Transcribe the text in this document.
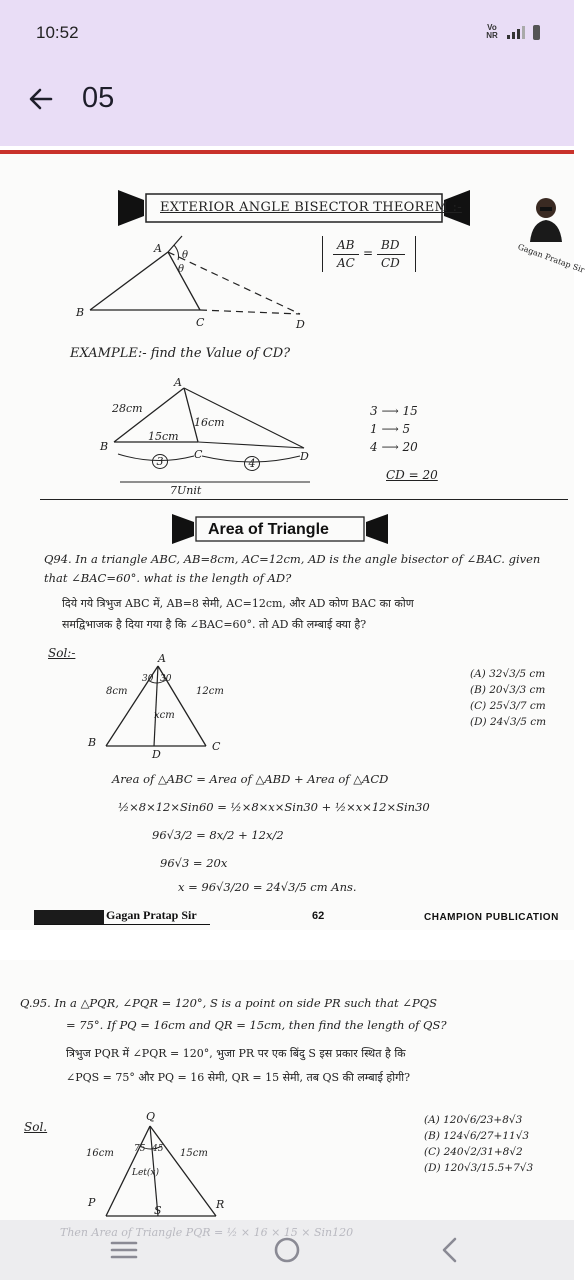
10:52	Vo NR
05
EXTERIOR ANGLE BISECTOR THEOREM :-
Gagan Pratap Sir
AB
AC
=
BD
CD
A
B
C	D
θ
θ
EXAMPLE:- find the Value of CD?
A
B
C	D
28cm
16cm
15cm
3	4
7Unit
3 ⟶ 15
1 ⟶ 5
4 ⟶ 20
CD = 20
Area of Triangle
Q94. In a triangle ABC, AB=8cm, AC=12cm, AD is the angle bisector of ∠BAC. given that ∠BAC=60°. what is the length of AD?
दिये गये त्रिभुज ABC में, AB=8 सेमी, AC=12cm, और AD कोण BAC का कोण
समद्विभाजक है दिया गया है कि ∠BAC=60°. तो AD की लम्बाई क्या है?
Sol:-	A
B	C
D
8cm	12cm
xcm
30 30	(A) 32√3/5 cm
(B) 20√3/3 cm
(C) 25√3/7 cm
(D) 24√3/5 cm
Area of △ABC = Area of △ABD + Area of △ACD
½×8×12×Sin60 = ½×8×x×Sin30 + ½×x×12×Sin30
96√3/2 = 8x/2 + 12x/2
96√3 = 20x
x = 96√3/20 = 24√3/5 cm Ans.
Gagan Pratap Sir	62	CHAMPION PUBLICATION
Q.95. In a △PQR, ∠PQR = 120°, S is a point on side PR such that ∠PQS
= 75°. If PQ = 16cm and QR = 15cm, then find the length of QS?
त्रिभुज PQR में ∠PQR = 120°, भुजा PR पर एक बिंदु S इस प्रकार स्थित है कि
∠PQS = 75° और PQ = 16 सेमी, QR = 15 सेमी, तब QS की लम्बाई होगी?
Sol.
Q
P	R
S
16cm	15cm
75 45
Let(x)
(A) 120√6/23+8√3
(B) 124√6/27+11√3
(C) 240√2/31+8√2
(D) 120√3/15.5+7√3
Then Area of Triangle PQR = ½ × 16 × 15 × Sin120
